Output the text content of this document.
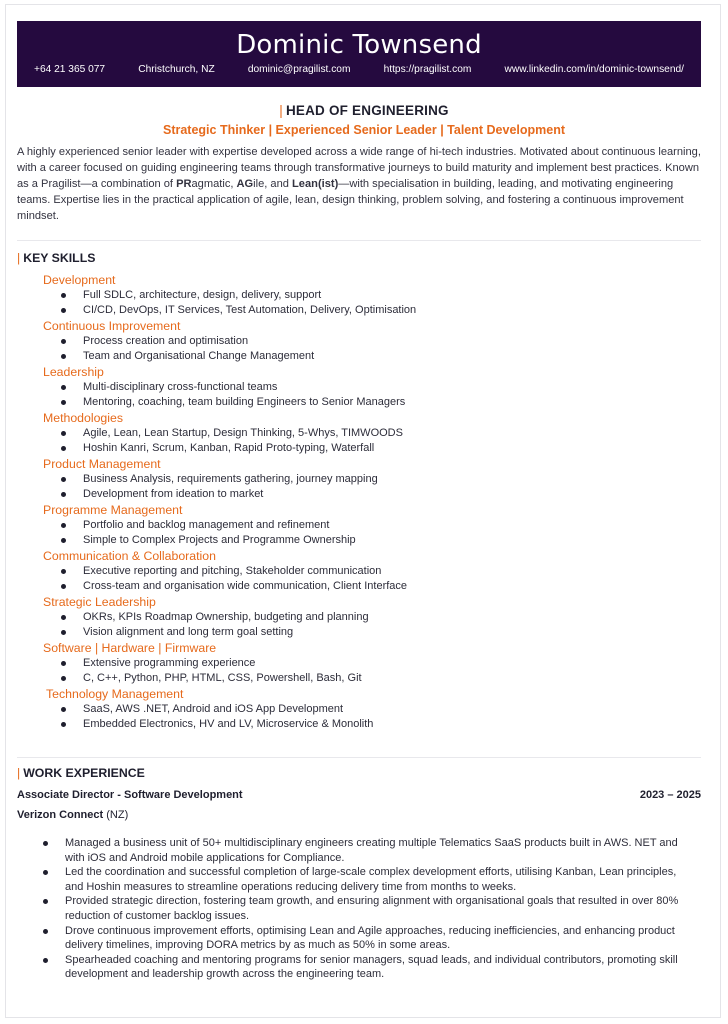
Dominic Townsend
+64 21 365 077	Christchurch, NZ	dominic@pragilist.com	https://pragilist.com	www.linkedin.com/in/dominic-townsend/
| HEAD OF ENGINEERING
Strategic Thinker | Experienced Senior Leader | Talent Development
A highly experienced senior leader with expertise developed across a wide range of hi-tech industries. Motivated about continuous learning, with a career focused on guiding engineering teams through transformative journeys to build maturity and implement best practices. Known as a Pragilist—a combination of PRagmatic, AGile, and Lean(ist)—with specialisation in building, leading, and motivating engineering teams. Expertise lies in the practical application of agile, lean, design thinking, problem solving, and fostering a continuous improvement mindset.
| KEY SKILLS
Development
Full SDLC, architecture, design, delivery, support
CI/CD, DevOps, IT Services, Test Automation, Delivery, Optimisation
Continuous Improvement
Process creation and optimisation
Team and Organisational Change Management
Leadership
Multi-disciplinary cross-functional teams
Mentoring, coaching, team building Engineers to Senior Managers
Methodologies
Agile, Lean, Lean Startup, Design Thinking, 5-Whys, TIMWOODS
Hoshin Kanri, Scrum, Kanban, Rapid Proto-typing, Waterfall
Product Management
Business Analysis, requirements gathering, journey mapping
Development from ideation to market
Programme Management
Portfolio and backlog management and refinement
Simple to Complex Projects and Programme Ownership
Communication & Collaboration
Executive reporting and pitching, Stakeholder communication
Cross-team and organisation wide communication, Client Interface
Strategic Leadership
OKRs, KPIs Roadmap Ownership, budgeting and planning
Vision alignment and long term goal setting
Software | Hardware | Firmware
Extensive programming experience
C, C++, Python, PHP, HTML, CSS, Powershell, Bash, Git
Technology Management
SaaS, AWS .NET, Android and iOS App Development
Embedded Electronics, HV and LV, Microservice & Monolith
| WORK EXPERIENCE
Associate Director - Software Development	2023 – 2025
Verizon Connect (NZ)
Managed a business unit of 50+ multidisciplinary engineers creating multiple Telematics SaaS products built in AWS. NET and with iOS and Android mobile applications for Compliance.
Led the coordination and successful completion of large-scale complex development efforts, utilising Kanban, Lean principles, and Hoshin measures to streamline operations reducing delivery time from months to weeks.
Provided strategic direction, fostering team growth, and ensuring alignment with organisational goals that resulted in over 80% reduction of customer backlog issues.
Drove continuous improvement efforts, optimising Lean and Agile approaches, reducing inefficiencies, and enhancing product delivery timelines, improving DORA metrics by as much as 50% in some areas.
Spearheaded coaching and mentoring programs for senior managers, squad leads, and individual contributors, promoting skill development and leadership growth across the engineering team.
